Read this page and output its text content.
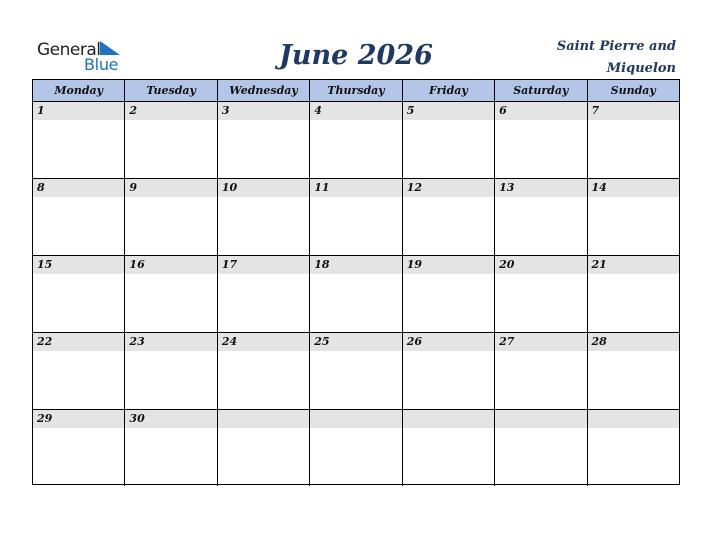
General
Blue	June 2026	Saint Pierre and
Miquelon
Monday	Tuesday	Wednesday	Thursday	Friday	Saturday	Sunday
1	2	3	4	5	6	7
8	9	10	11	12	13	14
15	16	17	18	19	20	21
22	23	24	25	26	27	28
29	30
